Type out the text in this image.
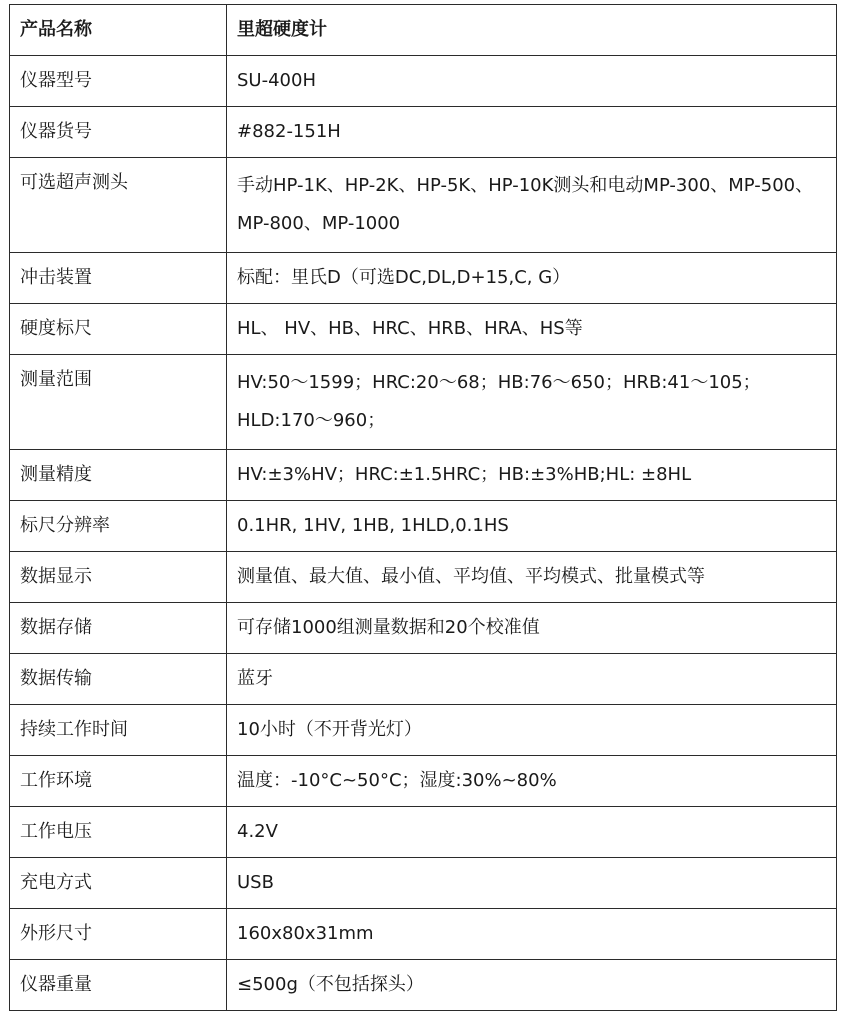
产品名称	里超硬度计
仪器型号	SU-400H
仪器货号	#882-151H
可选超声测头	手动HP-1K、HP-2K、HP-5K、HP-10K测头和电动MP-300、MP-500、MP-800、MP-1000
冲击装置	标配：里氏D（可选DC,DL,D+15,C, G）
硬度标尺	HL、 HV、HB、HRC、HRB、HRA、HS等
测量范围	HV:50～1599；HRC:20～68；HB:76～650；HRB:41～105；HLD:170～960；
测量精度	HV:±3%HV；HRC:±1.5HRC；HB:±3%HB;HL: ±8HL
标尺分辨率	0.1HR, 1HV, 1HB, 1HLD,0.1HS
数据显示	测量值、最大值、最小值、平均值、平均模式、批量模式等
数据存储	可存储1000组测量数据和20个校准值
数据传输	蓝牙
持续工作时间	10小时（不开背光灯）
工作环境	温度：-10°C~50°C；湿度:30%~80%
工作电压	4.2V
充电方式	USB
外形尺寸	160x80x31mm
仪器重量	≤500g（不包括探头）
